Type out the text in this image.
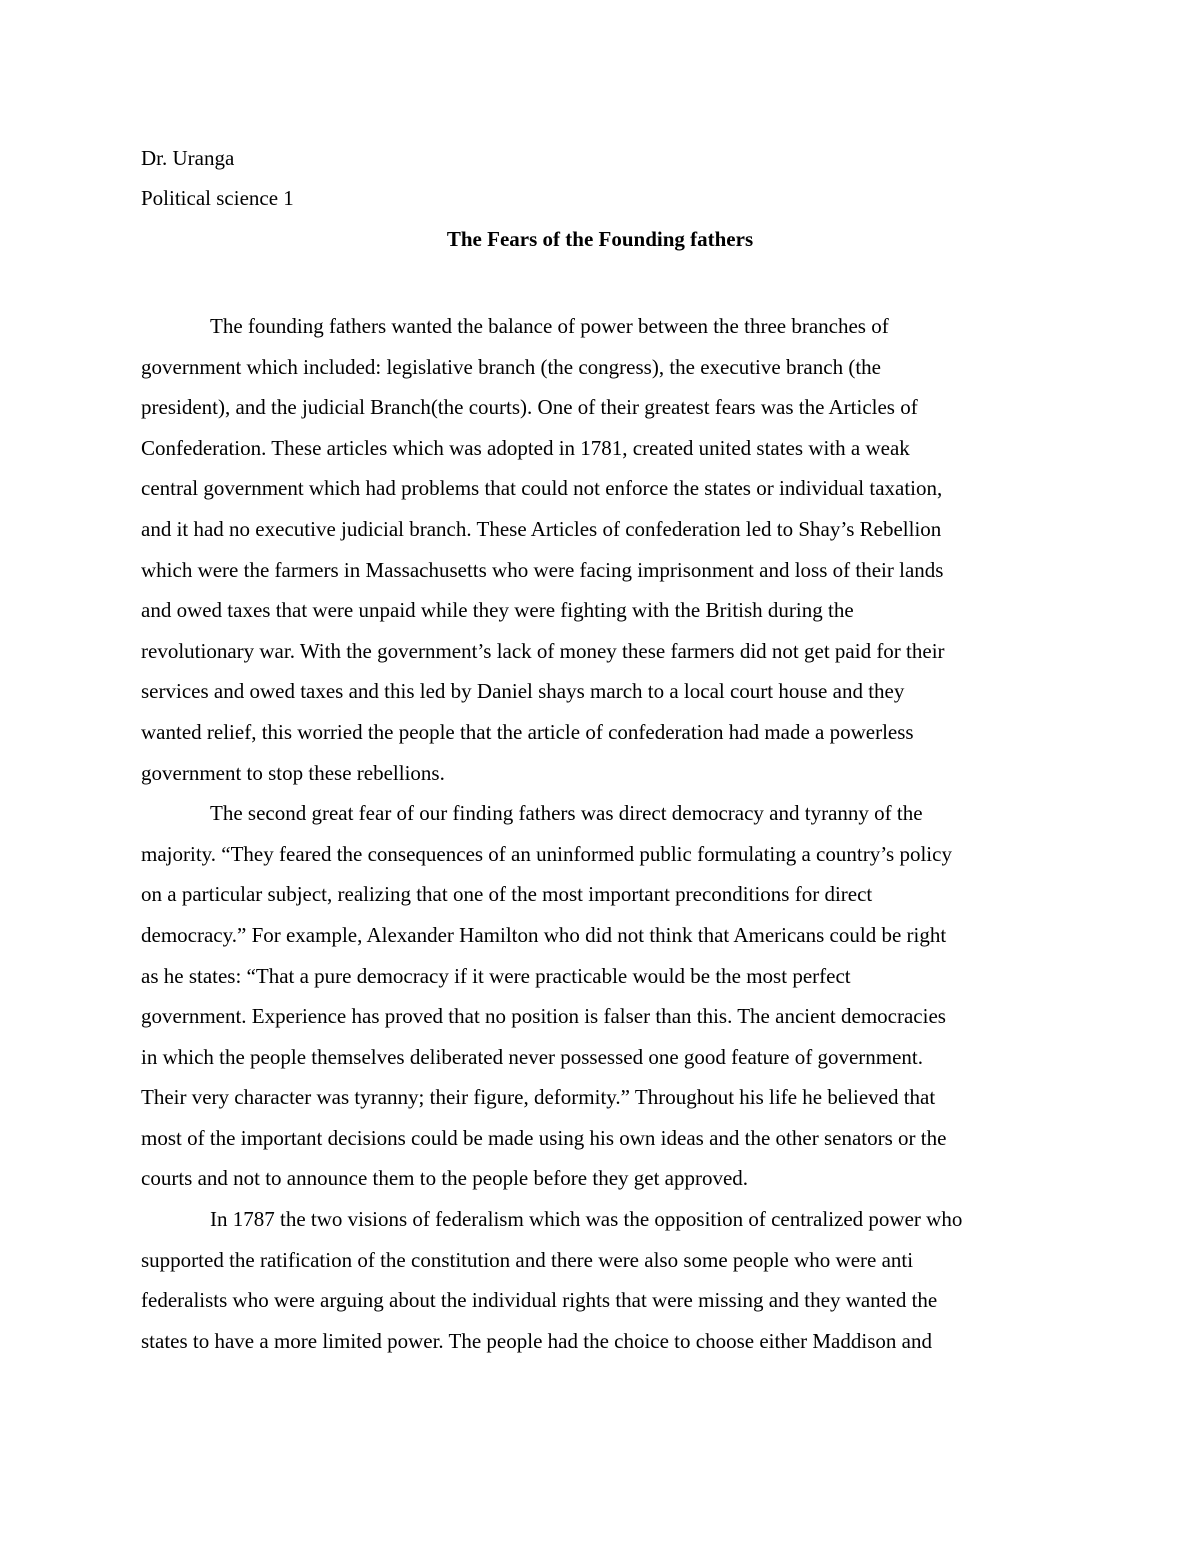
Dr. Uranga
Political science 1
The Fears of the Founding fathers
The founding fathers wanted the balance of power between the three branches of
government which included: legislative branch (the congress), the executive branch (the
president), and the judicial Branch(the courts). One of their greatest fears was the Articles of
Confederation. These articles which was adopted in 1781, created united states with a weak
central government which had problems that could not enforce the states or individual taxation,
and it had no executive judicial branch. These Articles of confederation led to Shay’s Rebellion
which were the farmers in Massachusetts who were facing imprisonment and loss of their lands
and owed taxes that were unpaid while they were fighting with the British during the
revolutionary war. With the government’s lack of money these farmers did not get paid for their
services and owed taxes and this led by Daniel shays march to a local court house and they
wanted relief, this worried the people that the article of confederation had made a powerless
government to stop these rebellions.
The second great fear of our finding fathers was direct democracy and tyranny of the
majority. “They feared the consequences of an uninformed public formulating a country’s policy
on a particular subject, realizing that one of the most important preconditions for direct
democracy.” For example, Alexander Hamilton who did not think that Americans could be right
as he states: “That a pure democracy if it were practicable would be the most perfect
government. Experience has proved that no position is falser than this. The ancient democracies
in which the people themselves deliberated never possessed one good feature of government.
Their very character was tyranny; their figure, deformity.” Throughout his life he believed that
most of the important decisions could be made using his own ideas and the other senators or the
courts and not to announce them to the people before they get approved.
In 1787 the two visions of federalism which was the opposition of centralized power who
supported the ratification of the constitution and there were also some people who were anti
federalists who were arguing about the individual rights that were missing and they wanted the
states to have a more limited power. The people had the choice to choose either Maddison and
